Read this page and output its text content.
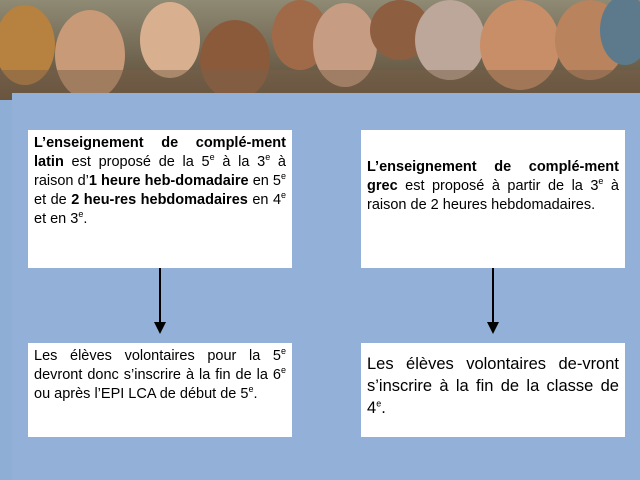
L’enseignement de complé-ment latin est proposé de la 5e à la 3e à raison d’1 heure heb-domadaire en 5e et de 2 heu-res hebdomadaires en 4e et en 3e.
L’enseignement de complé-ment grec est proposé à partir de la 3e à raison de 2 heures hebdomadaires.
Les élèves volontaires pour la 5e devront donc s’inscrire à la fin de la 6e ou après l’EPI LCA de début de 5e.
Les élèves volontaires de-vront s’inscrire à la fin de la classe de 4e.
